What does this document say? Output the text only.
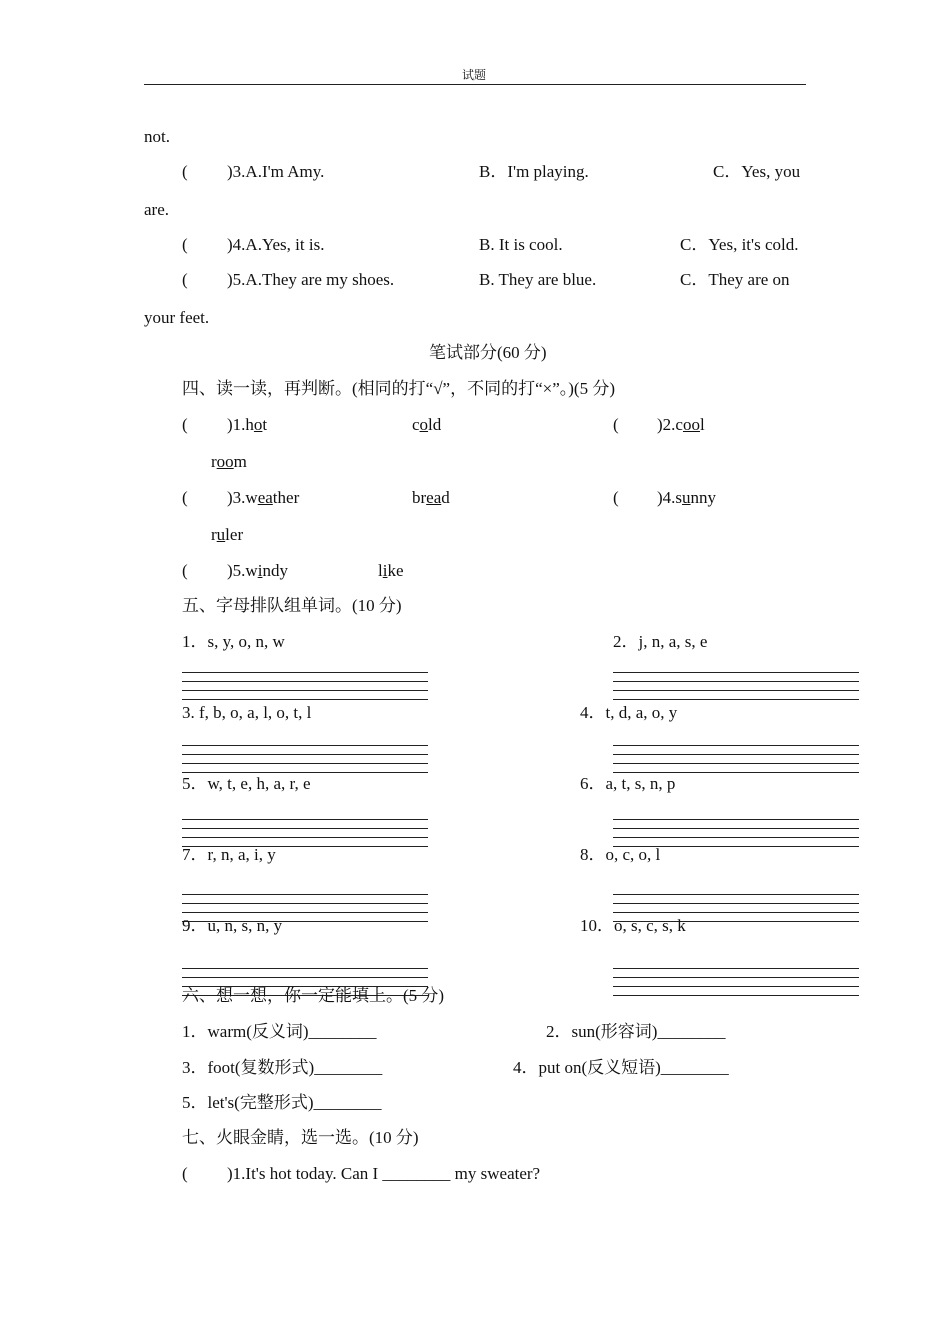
试题
not.
( )3.A.I'm Amy.	B．I'm playing.	C．Yes, you
are.
( )4.A.Yes, it is.	B. It is cool.	C．Yes, it's cold.
( )5.A.They are my shoes.	B. They are blue.	C．They are on
your feet.
笔试部分(60 分)
四、读一读，再判断。(相同的打“√”，不同的打“×”。)(5 分)
( )1.hot	cold	( )2.cool
room
( )3.weather	bread	( )4.sunny
ruler
( )5.windy	like
五、字母排队组单词。(10 分)
1．s, y, o, n, w	2．j, n, a, s, e
3. f, b, o, a, l, o, t, l	4．t, d, a, o, y
5．w, t, e, h, a, r, e	6．a, t, s, n, p
7．r, n, a, i, y	8．o, c, o, l
9．u, n, s, n, y	10．o, s, c, s, k
六、想一想，你一定能填上。(5 分)
1．warm(反义词)________	2．sun(形容词)________
3．foot(复数形式)________	4．put on(反义短语)________
5．let's(完整形式)________
七、火眼金睛，选一选。(10 分)
( )1.It's hot today. Can I ________ my sweater?
